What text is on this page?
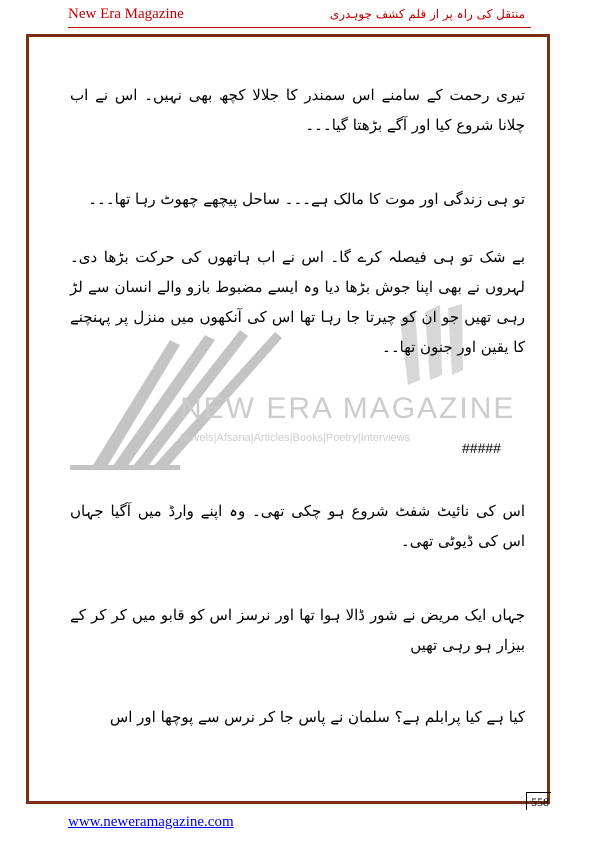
New Era Magazine	منتقل کی راہ پر از قلم کشف چوہدری
NEW ERA MAGAZINE
Novels|Afsana|Articles|Books|Poetry|Interviews
تیری رحمت کے سامنے اس سمندر کا جلالا کچھ بھی نہیں۔ اس نے اب چلانا شروع کیا اور آگے بڑھتا گیا۔۔۔
تو ہی زندگی اور موت کا مالک ہے۔۔۔ ساحل پیچھے چھوٹ رہا تھا۔۔۔
بے شک تو ہی فیصلہ کرے گا۔ اس نے اب ہاتھوں کی حرکت بڑھا دی۔ لہروں نے بھی اپنا جوش بڑھا دیا وہ ایسے مضبوط بازو والے انسان سے لڑ رہی تھیں جو ان کو چیرتا جا رہا تھا اس کی آنکھوں میں منزل پر پہنچنے کا یقین اور جنون تھا۔۔
#####
اس کی نائیٹ شفٹ شروع ہو چکی تھی۔ وہ اپنے وارڈ میں آگیا جہاں اس کی ڈیوٹی تھی۔
جہاں ایک مریض نے شور ڈالا ہوا تھا اور نرسز اس کو قابو میں کر کر کے بیزار ہو رہی تھیں
کیا ہے کیا پرابلم ہے؟ سلمان نے پاس جا کر نرس سے پوچھا اور اس
558
www.neweramagazine.com
